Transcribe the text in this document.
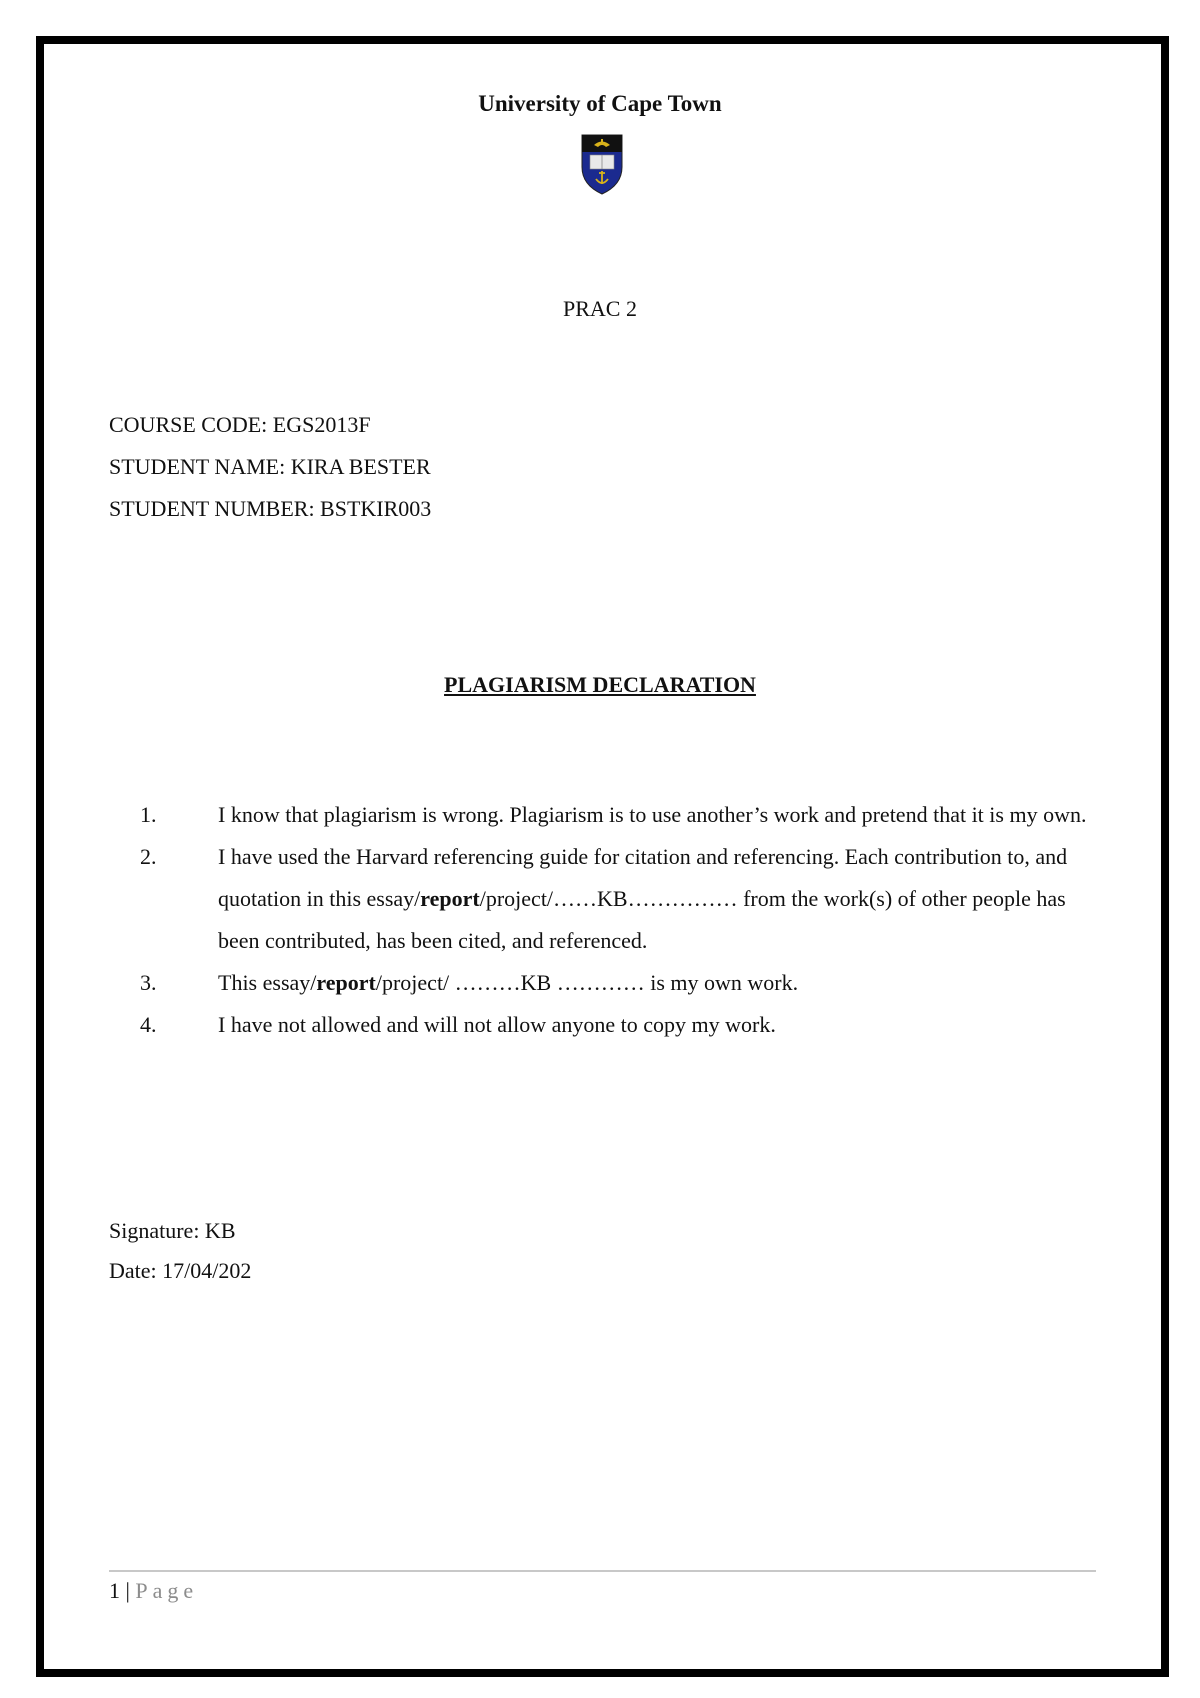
University of Cape Town
PRAC 2
COURSE CODE: EGS2013F
STUDENT NAME: KIRA BESTER
STUDENT NUMBER: BSTKIR003
PLAGIARISM DECLARATION
1.	I know that plagiarism is wrong. Plagiarism is to use another’s work and pretend that it is my own.
2.	I have used the Harvard referencing guide for citation and referencing. Each contribution to, and quotation in this essay/report/project/……KB…………… from the work(s) of other people has been contributed, has been cited, and referenced.
3.	This essay/report/project/ ………KB ………… is my own work.
4.	I have not allowed and will not allow anyone to copy my work.
Signature: KB
Date: 17/04/202
1 | Page
